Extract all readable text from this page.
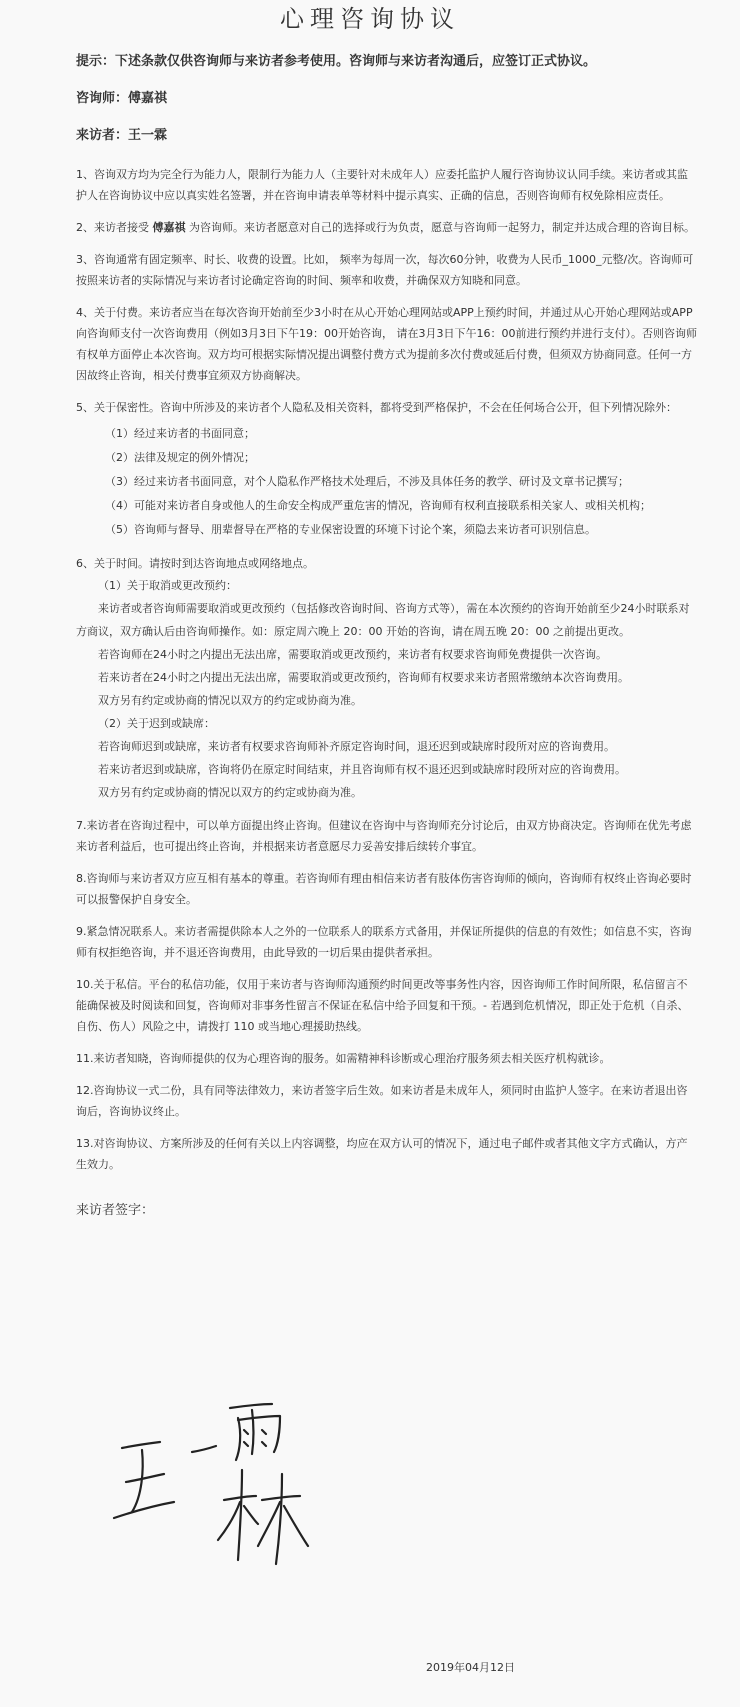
心理咨询协议
提示：下述条款仅供咨询师与来访者参考使用。咨询师与来访者沟通后，应签订正式协议。
咨询师：傅嘉祺
来访者：王一霖
1、咨询双方均为完全行为能力人，限制行为能力人（主要针对未成年人）应委托监护人履行咨询协议认同手续。来访者或其监护人在咨询协议中应以真实姓名签署，并在咨询申请表单等材料中提示真实、正确的信息，否则咨询师有权免除相应责任。
2、来访者接受 傅嘉祺 为咨询师。来访者愿意对自己的选择或行为负责，愿意与咨询师一起努力，制定并达成合理的咨询目标。
3、咨询通常有固定频率、时长、收费的设置。比如， 频率为每周一次，每次60分钟，收费为人民币_1000_元整/次。咨询师可按照来访者的实际情况与来访者讨论确定咨询的时间、频率和收费，并确保双方知晓和同意。
4、关于付费。来访者应当在每次咨询开始前至少3小时在从心开始心理网站或APP上预约时间，并通过从心开始心理网站或APP向咨询师支付一次咨询费用（例如3月3日下午19：00开始咨询， 请在3月3日下午16：00前进行预约并进行支付）。否则咨询师有权单方面停止本次咨询。双方均可根据实际情况提出调整付费方式为提前多次付费或延后付费，但须双方协商同意。任何一方因故终止咨询，相关付费事宜须双方协商解决。
5、关于保密性。咨询中所涉及的来访者个人隐私及相关资料，都将受到严格保护，不会在任何场合公开，但下列情况除外：
（1）经过来访者的书面同意；
（2）法律及规定的例外情况；
（3）经过来访者书面同意，对个人隐私作严格技术处理后，不涉及具体任务的教学、研讨及文章书记撰写；
（4）可能对来访者自身或他人的生命安全构成严重危害的情况，咨询师有权利直接联系相关家人、或相关机构；
（5）咨询师与督导、朋辈督导在严格的专业保密设置的环境下讨论个案，须隐去来访者可识别信息。
6、关于时间。请按时到达咨询地点或网络地点。
（1）关于取消或更改预约：
来访者或者咨询师需要取消或更改预约（包括修改咨询时间、咨询方式等），需在本次预约的咨询开始前至少24小时联系对方商议，双方确认后由咨询师操作。如：原定周六晚上 20：00 开始的咨询，请在周五晚 20：00 之前提出更改。
若咨询师在24小时之内提出无法出席，需要取消或更改预约，来访者有权要求咨询师免费提供一次咨询。
若来访者在24小时之内提出无法出席，需要取消或更改预约，咨询师有权要求来访者照常缴纳本次咨询费用。
双方另有约定或协商的情况以双方的约定或协商为准。
（2）关于迟到或缺席：
若咨询师迟到或缺席，来访者有权要求咨询师补齐原定咨询时间，退还迟到或缺席时段所对应的咨询费用。
若来访者迟到或缺席，咨询将仍在原定时间结束，并且咨询师有权不退还迟到或缺席时段所对应的咨询费用。
双方另有约定或协商的情况以双方的约定或协商为准。
7.来访者在咨询过程中，可以单方面提出终止咨询。但建议在咨询中与咨询师充分讨论后，由双方协商决定。咨询师在优先考虑来访者利益后，也可提出终止咨询，并根据来访者意愿尽力妥善安排后续转介事宜。
8.咨询师与来访者双方应互相有基本的尊重。若咨询师有理由相信来访者有肢体伤害咨询师的倾向，咨询师有权终止咨询必要时可以报警保护自身安全。
9.紧急情况联系人。来访者需提供除本人之外的一位联系人的联系方式备用，并保证所提供的信息的有效性；如信息不实，咨询师有权拒绝咨询，并不退还咨询费用，由此导致的一切后果由提供者承担。
10.关于私信。平台的私信功能，仅用于来访者与咨询师沟通预约时间更改等事务性内容，因咨询师工作时间所限，私信留言不能确保被及时阅读和回复，咨询师对非事务性留言不保证在私信中给予回复和干预。- 若遇到危机情况，即正处于危机（自杀、自伤、伤人）风险之中，请拨打 110 或当地心理援助热线。
11.来访者知晓，咨询师提供的仅为心理咨询的服务。如需精神科诊断或心理治疗服务须去相关医疗机构就诊。
12.咨询协议一式二份，具有同等法律效力，来访者签字后生效。如来访者是未成年人，须同时由监护人签字。在来访者退出咨询后，咨询协议终止。
13.对咨询协议、方案所涉及的任何有关以上内容调整，均应在双方认可的情况下，通过电子邮件或者其他文字方式确认，方产生效力。
来访者签字：
2019年04月12日
